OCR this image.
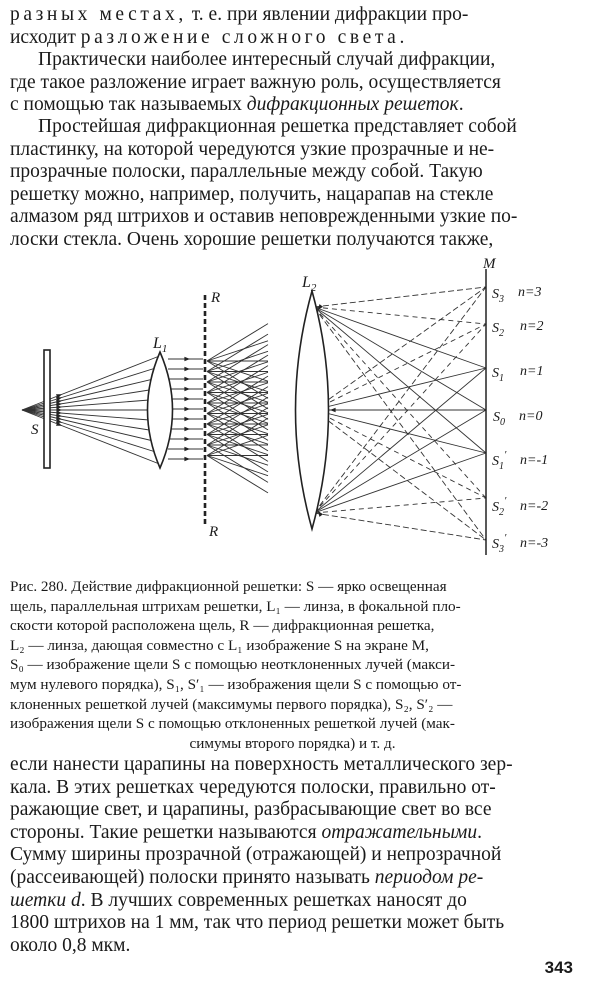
разных местах, т. е. при явлении дифракции про-
исходит разложение сложного света.

Практически наиболее интересный случай дифракции,
где такое разложение играет важную роль, осуществляется
с помощью так называемых дифракционных решеток.

Простейшая дифракционная решетка представляет собой
пластинку, на которой чередуются узкие прозрачные и не-
прозрачные полоски, параллельные между собой. Такую
решетку можно, например, получить, нацарапав на стекле
алмазом ряд штрихов и оставив неповрежденными узкие по-
лоски стекла. Очень хорошие решетки получаются также,

M
$L_2$
$L_1$
R
R
S
$S_3$ n=3
$S_2$ n=2
$S_1$ n=1
$S_0$ n=0
$S_1'$ n=-1
$S_2'$ n=-2
$S_3'$ n=-3

Рис. 280. Действие дифракционной решетки: S — ярко освещенная
щель, параллельная штрихам решетки, L₁ — линза, в фокальной пло-
скости которой расположена щель, R — дифракционная решетка,
L₂ — линза, дающая совместно с L₁ изображение S на экране M,
S₀ — изображение щели S с помощью неотклоненных лучей (макси-
мум нулевого порядка), S₁, S′₁ — изображения щели S с помощью от-
клоненных решеткой лучей (максимумы первого порядка), S₂, S′₂ —
изображения щели S с помощью отклоненных решеткой лучей (мак-
симумы второго порядка) и т. д.

если нанести царапины на поверхность металлического зер-
кала. В этих решетках чередуются полоски, правильно от-
ражающие свет, и царапины, разбрасывающие свет во все
стороны. Такие решетки называются отражательными.
Сумму ширины прозрачной (отражающей) и непрозрачной
(рассеивающей) полоски принято называть периодом ре-
шетки d. В лучших современных решетках наносят до
1800 штрихов на 1 мм, так что период решетки может быть
около 0,8 мкм.

343
